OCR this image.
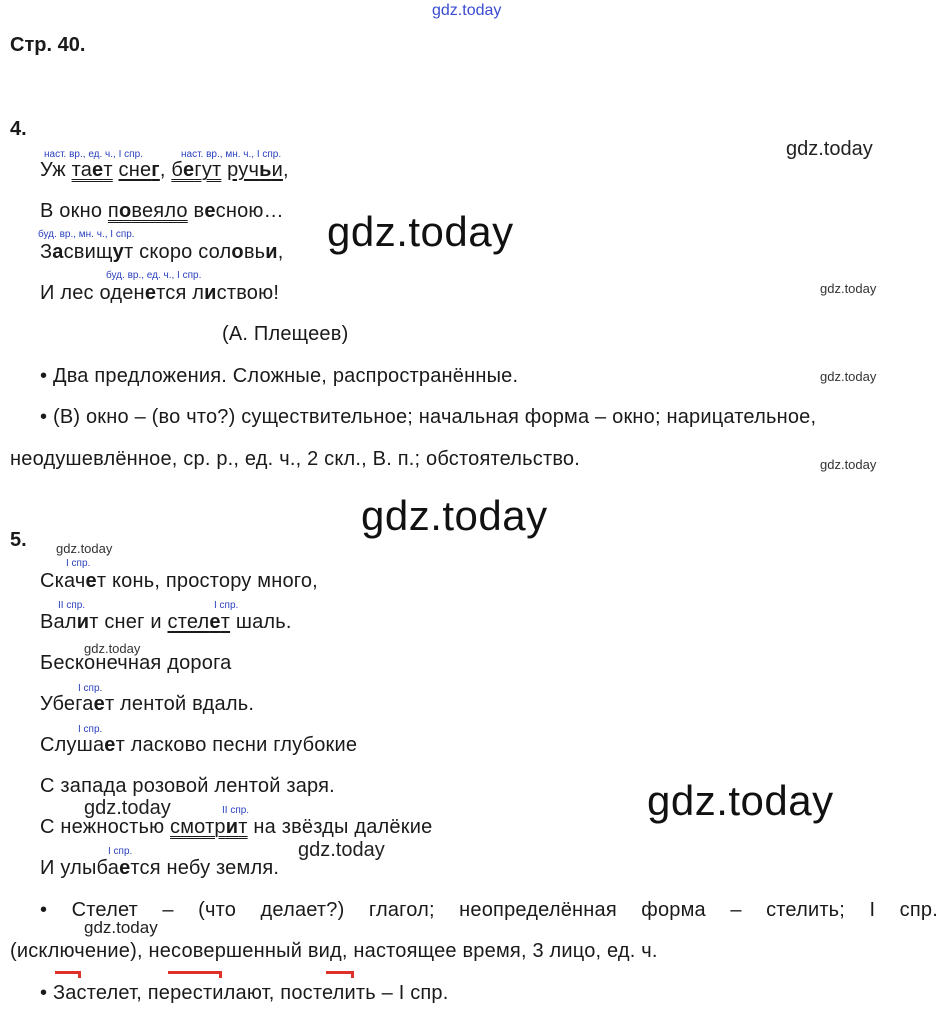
gdz.today
Стр. 40.
4.
наст. вр., ед. ч., I спр.	наст. вр., мн. ч., I спр.
Уж тает снег, бегут ручьи,
gdz.today
В окно повеяло весною…
буд. вр., мн. ч., I спр.	gdz.today
Засвищут скоро соловьи,
буд. вр., ед. ч., I спр.
gdz.today
И лес оденется листвою!
(А. Плещеев)
• Два предложения. Сложные, распространённые.	gdz.today
• (В) окно – (во что?) существительное; начальная форма – окно; нарицательное,
неодушевлённое, ср. р., ед. ч., 2 скл., В. п.; обстоятельство.	gdz.today
gdz.today
5. gdz.today
I спр.
Скачет конь, простору много,
II спр.	I спр.
Валит снег и стелет шаль.
Бесконечная дорога
gdz.today
I спр.
Убегает лентой вдаль.
I спр.
Слушает ласково песни глубокие
С запада розовой лентой заря.	gdz.today
gdz.today	II спр.
С нежностью смотрит на звёзды далёкие
gdz.today
I спр.
И улыбается небу земля.
• Стелет – (что делает?) глагол; неопределённая форма – стелить; I спр.
gdz.today
(исключение), несовершенный вид, настоящее время, 3 лицо, ед. ч.
• Застелет, перестилают, постелить – I спр.
